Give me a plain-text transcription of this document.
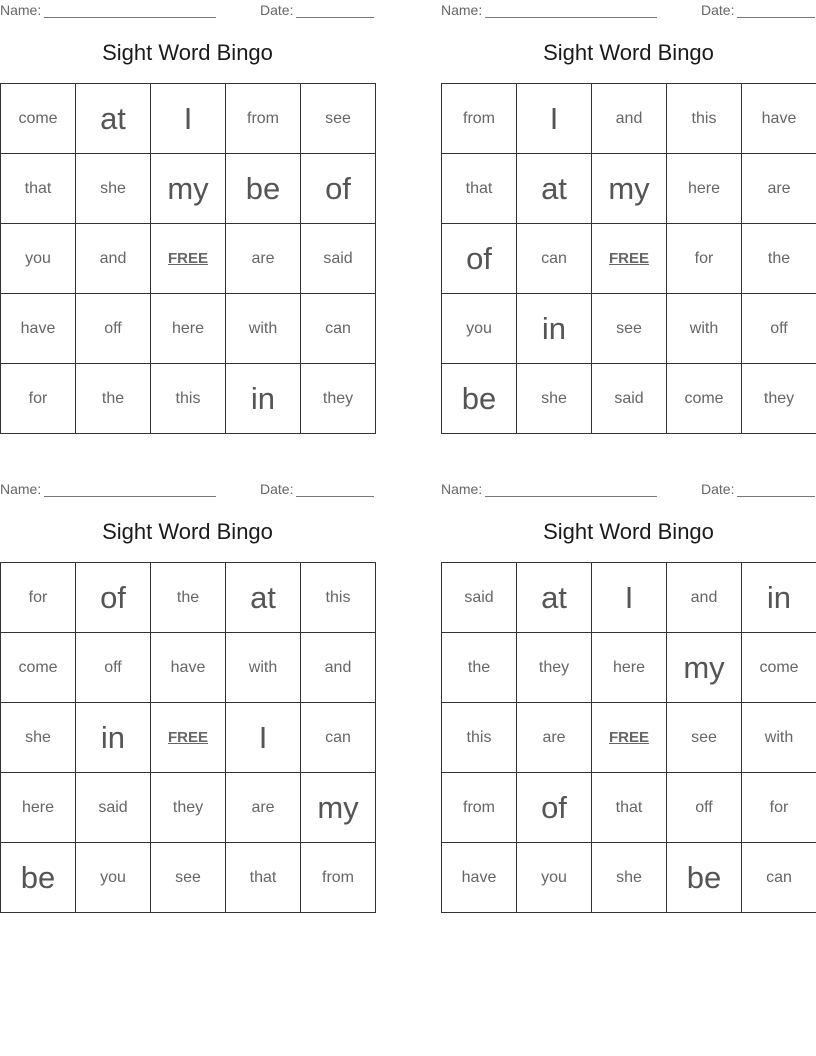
Name:	Date:
Sight Word Bingo
come	at	I	from	see
that	she	my	be	of
you	and	FREE	are	said
have	off	here	with	can
for	the	this	in	they
Name:	Date:
Sight Word Bingo
from	I	and	this	have
that	at	my	here	are
of	can	FREE	for	the
you	in	see	with	off
be	she	said	come	they
Name:	Date:
Sight Word Bingo
for	of	the	at	this
come	off	have	with	and
she	in	FREE	I	can
here	said	they	are	my
be	you	see	that	from
Name:	Date:
Sight Word Bingo
said	at	I	and	in
the	they	here	my	come
this	are	FREE	see	with
from	of	that	off	for
have	you	she	be	can
